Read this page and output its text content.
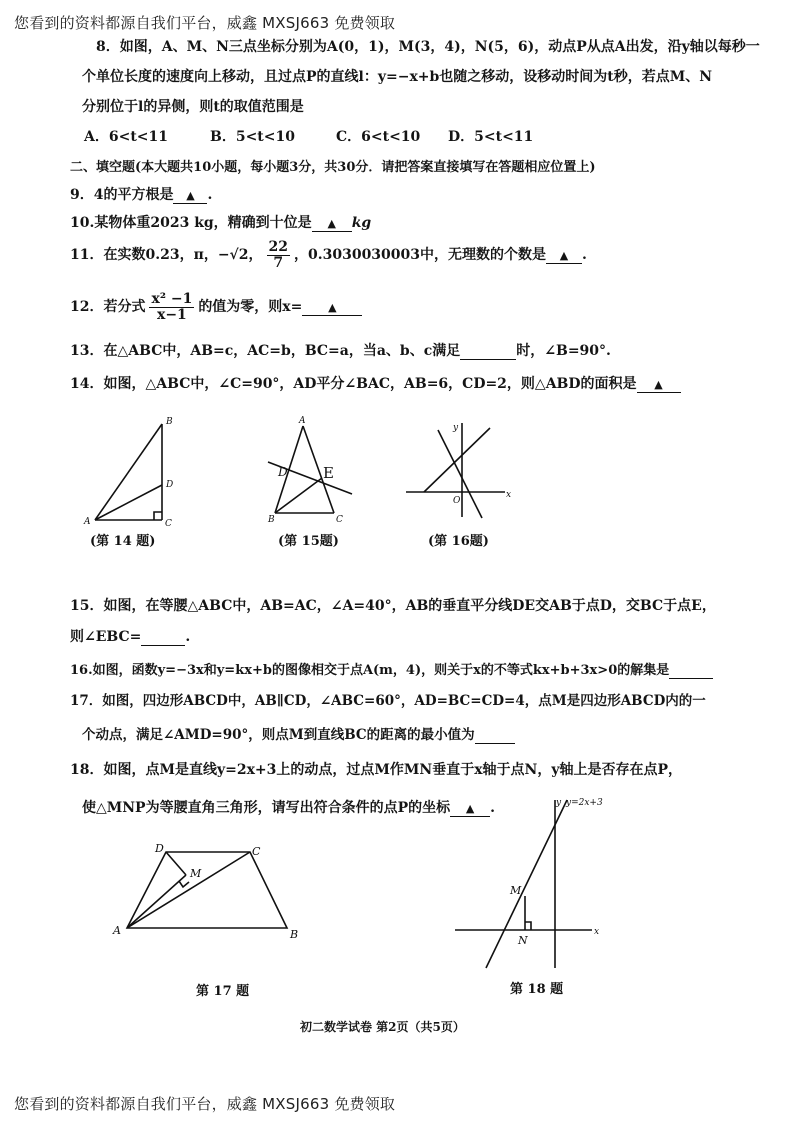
您看到的资料都源自我们平台，威鑫 MXSJ663 免费领取
8．如图，A、M、N三点坐标分别为A(0，1)，M(3，4)，N(5，6)，动点P从点A出发，沿y轴以每秒一
个单位长度的速度向上移动，且过点P的直线l：y=−x+b也随之移动，设移动时间为t秒，若点M、N
分别位于l的异侧，则t的取值范围是
A．6<t<11	B．5<t<10	C．6<t<10 D．5<t<11
二、填空题(本大题共10小题，每小题3分，共30分．请把答案直接填写在答题相应位置上)
9．4的平方根是 ▲ .
10.某物体重2023 kg，精确到十位是 ▲ kg
11．在实数0.23，π，−√2， $\frac{22}{7}$ ，0.3030030003中，无理数的个数是 ▲ .
12．若分式 $\frac{\text{x² −1}}{x-1}$ 的值为零，则x= ▲
13．在△ABC中，AB=c，AC=b，BC=a，当a、b、c满足	时，∠B=90°.
14．如图，△ABC中，∠C=90°，AD平分∠BAC，AB=6，CD=2，则△ABD的面积是 ▲
B
D
A	C
(第 14 题)
A
D E
B	C
(第 15题)
y
O
x
(第 16题)
15．如图，在等腰△ABC中，AB=AC，∠A=40°，AB的垂直平分线DE交AB于点D，交BC于点E，
则∠EBC=	.
16.如图，函数y=−3x和y=kx+b的图像相交于点A(m，4)，则关于x的不等式kx+b+3x>0的解集是
17．如图，四边形ABCD中，AB∥CD，∠ABC=60°，AD=BC=CD=4，点M是四边形ABCD内的一
个动点，满足∠AMD=90°，则点M到直线BC的距离的最小值为
18．如图，点M是直线y=2x+3上的动点，过点M作MN垂直于x轴于点N，y轴上是否存在点P，
使△MNP为等腰直角三角形，请写出符合条件的点P的坐标 ▲ .
D	C
M
A	B
第 17 题
y y=2x+3
M
N
x
第 18 题
初二数学试卷 第2页（共5页）
您看到的资料都源自我们平台，威鑫 MXSJ663 免费领取
